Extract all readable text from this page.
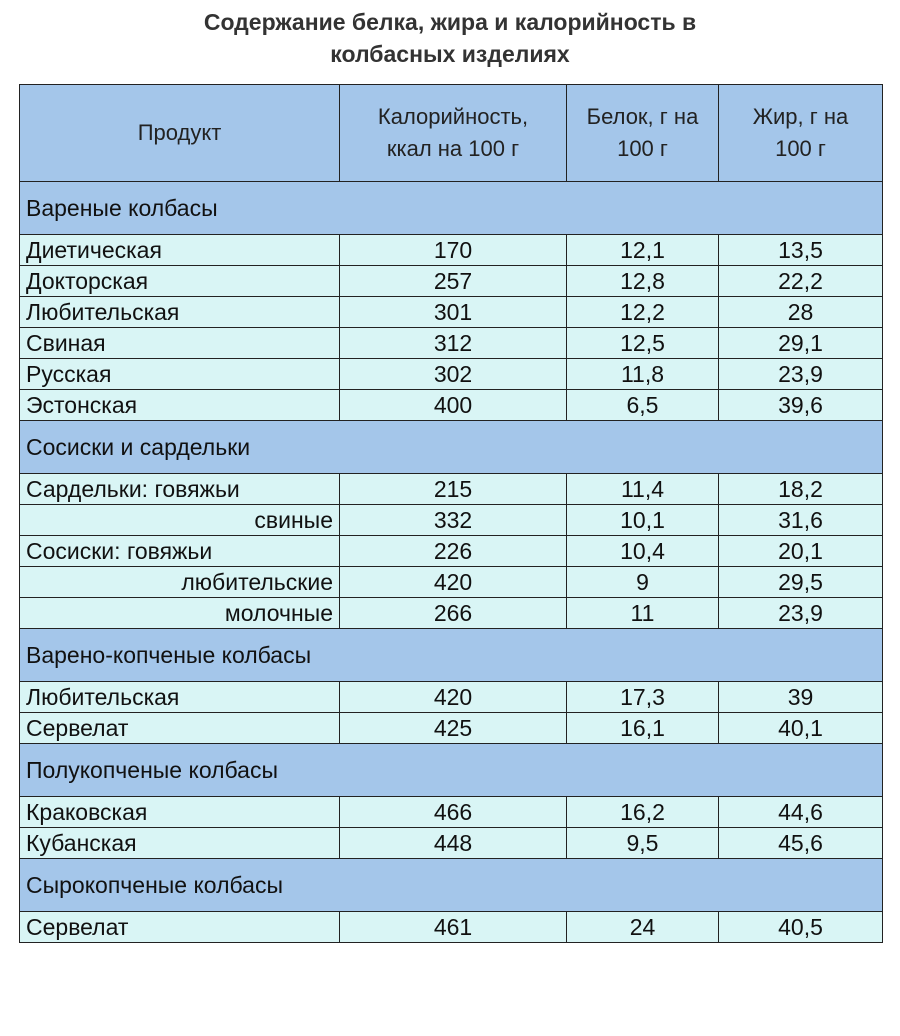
Содержание белка, жира и калорийность в
колбасных изделиях
Продукт	Калорийность, ккал на 100 г	Белок, г на 100 г	Жир, г на 100 г

Вареные колбасы			
Диетическая	170	12,1	13,5
Докторская	257	12,8	22,2
Любительская	301	12,2	28
Свиная	312	12,5	29,1
Русская	302	11,8	23,9
Эстонская	400	6,5	39,6
Сосиски и сардельки			
Сардельки: говяжьи	215	11,4	18,2
свиные	332	10,1	31,6
Сосиски: говяжьи	226	10,4	20,1
любительские	420	9	29,5
молочные	266	11	23,9
Варено-копченые колбасы			
Любительская	420	17,3	39
Сервелат	425	16,1	40,1
Полукопченые колбасы			
Краковская	466	16,2	44,6
Кубанская	448	9,5	45,6
Сырокопченые колбасы			
Сервелат	461	24	40,5
